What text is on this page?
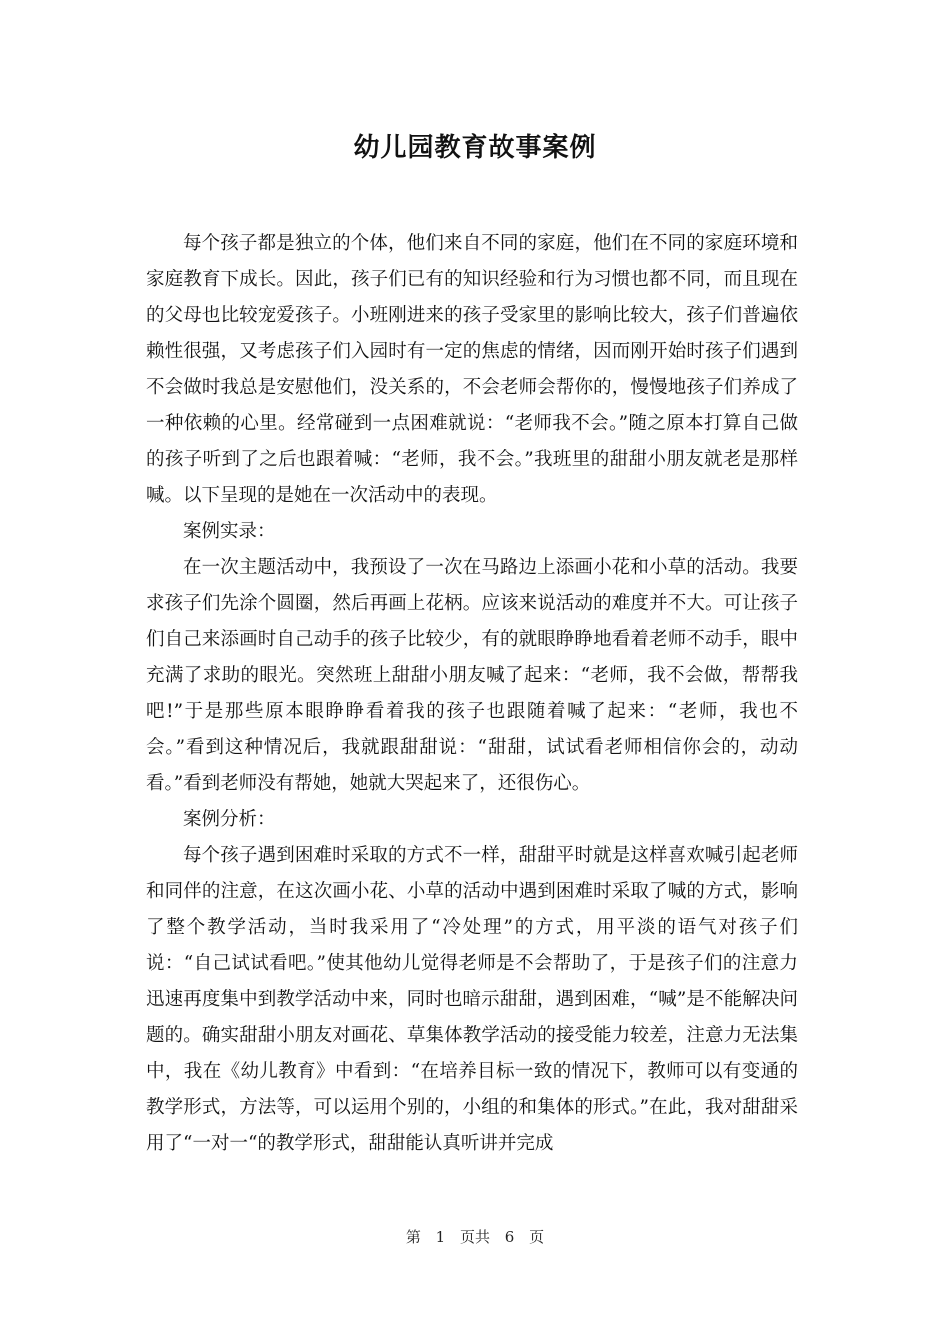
幼儿园教育故事案例

每个孩子都是独立的个体，他们来自不同的家庭，他们在不同的家庭环境和家庭教育下成长。因此，孩子们已有的知识经验和行为习惯也都不同，而且现在的父母也比较宠爱孩子。小班刚进来的孩子受家里的影响比较大，孩子们普遍依赖性很强，又考虑孩子们入园时有一定的焦虑的情绪，因而刚开始时孩子们遇到不会做时我总是安慰他们，没关系的，不会老师会帮你的，慢慢地孩子们养成了一种依赖的心里。经常碰到一点困难就说：“老师我不会。”随之原本打算自己做的孩子听到了之后也跟着喊：“老师，我不会。”我班里的甜甜小朋友就老是那样喊。以下呈现的是她在一次活动中的表现。

案例实录：

在一次主题活动中，我预设了一次在马路边上添画小花和小草的活动。我要求孩子们先涂个圆圈，然后再画上花柄。应该来说活动的难度并不大。可让孩子们自己来添画时自己动手的孩子比较少，有的就眼睁睁地看着老师不动手，眼中充满了求助的眼光。突然班上甜甜小朋友喊了起来：“老师，我不会做，帮帮我吧!”于是那些原本眼睁睁看着我的孩子也跟随着喊了起来：“老师，我也不会。”看到这种情况后，我就跟甜甜说：“甜甜，试试看老师相信你会的，动动看。”看到老师没有帮她，她就大哭起来了，还很伤心。

案例分析：

每个孩子遇到困难时采取的方式不一样，甜甜平时就是这样喜欢喊引起老师和同伴的注意，在这次画小花、小草的活动中遇到困难时采取了喊的方式，影响了整个教学活动，当时我采用了“冷处理”的方式，用平淡的语气对孩子们说：“自己试试看吧。”使其他幼儿觉得老师是不会帮助了，于是孩子们的注意力迅速再度集中到教学活动中来，同时也暗示甜甜，遇到困难，“喊”是不能解决问题的。确实甜甜小朋友对画花、草集体教学活动的接受能力较差，注意力无法集中，我在《幼儿教育》中看到：“在培养目标一致的情况下，教师可以有变通的教学形式，方法等，可以运用个别的，小组的和集体的形式。”在此，我对甜甜采用了“一对一“的教学形式，甜甜能认真听讲并完成

第 1 页共 6 页
